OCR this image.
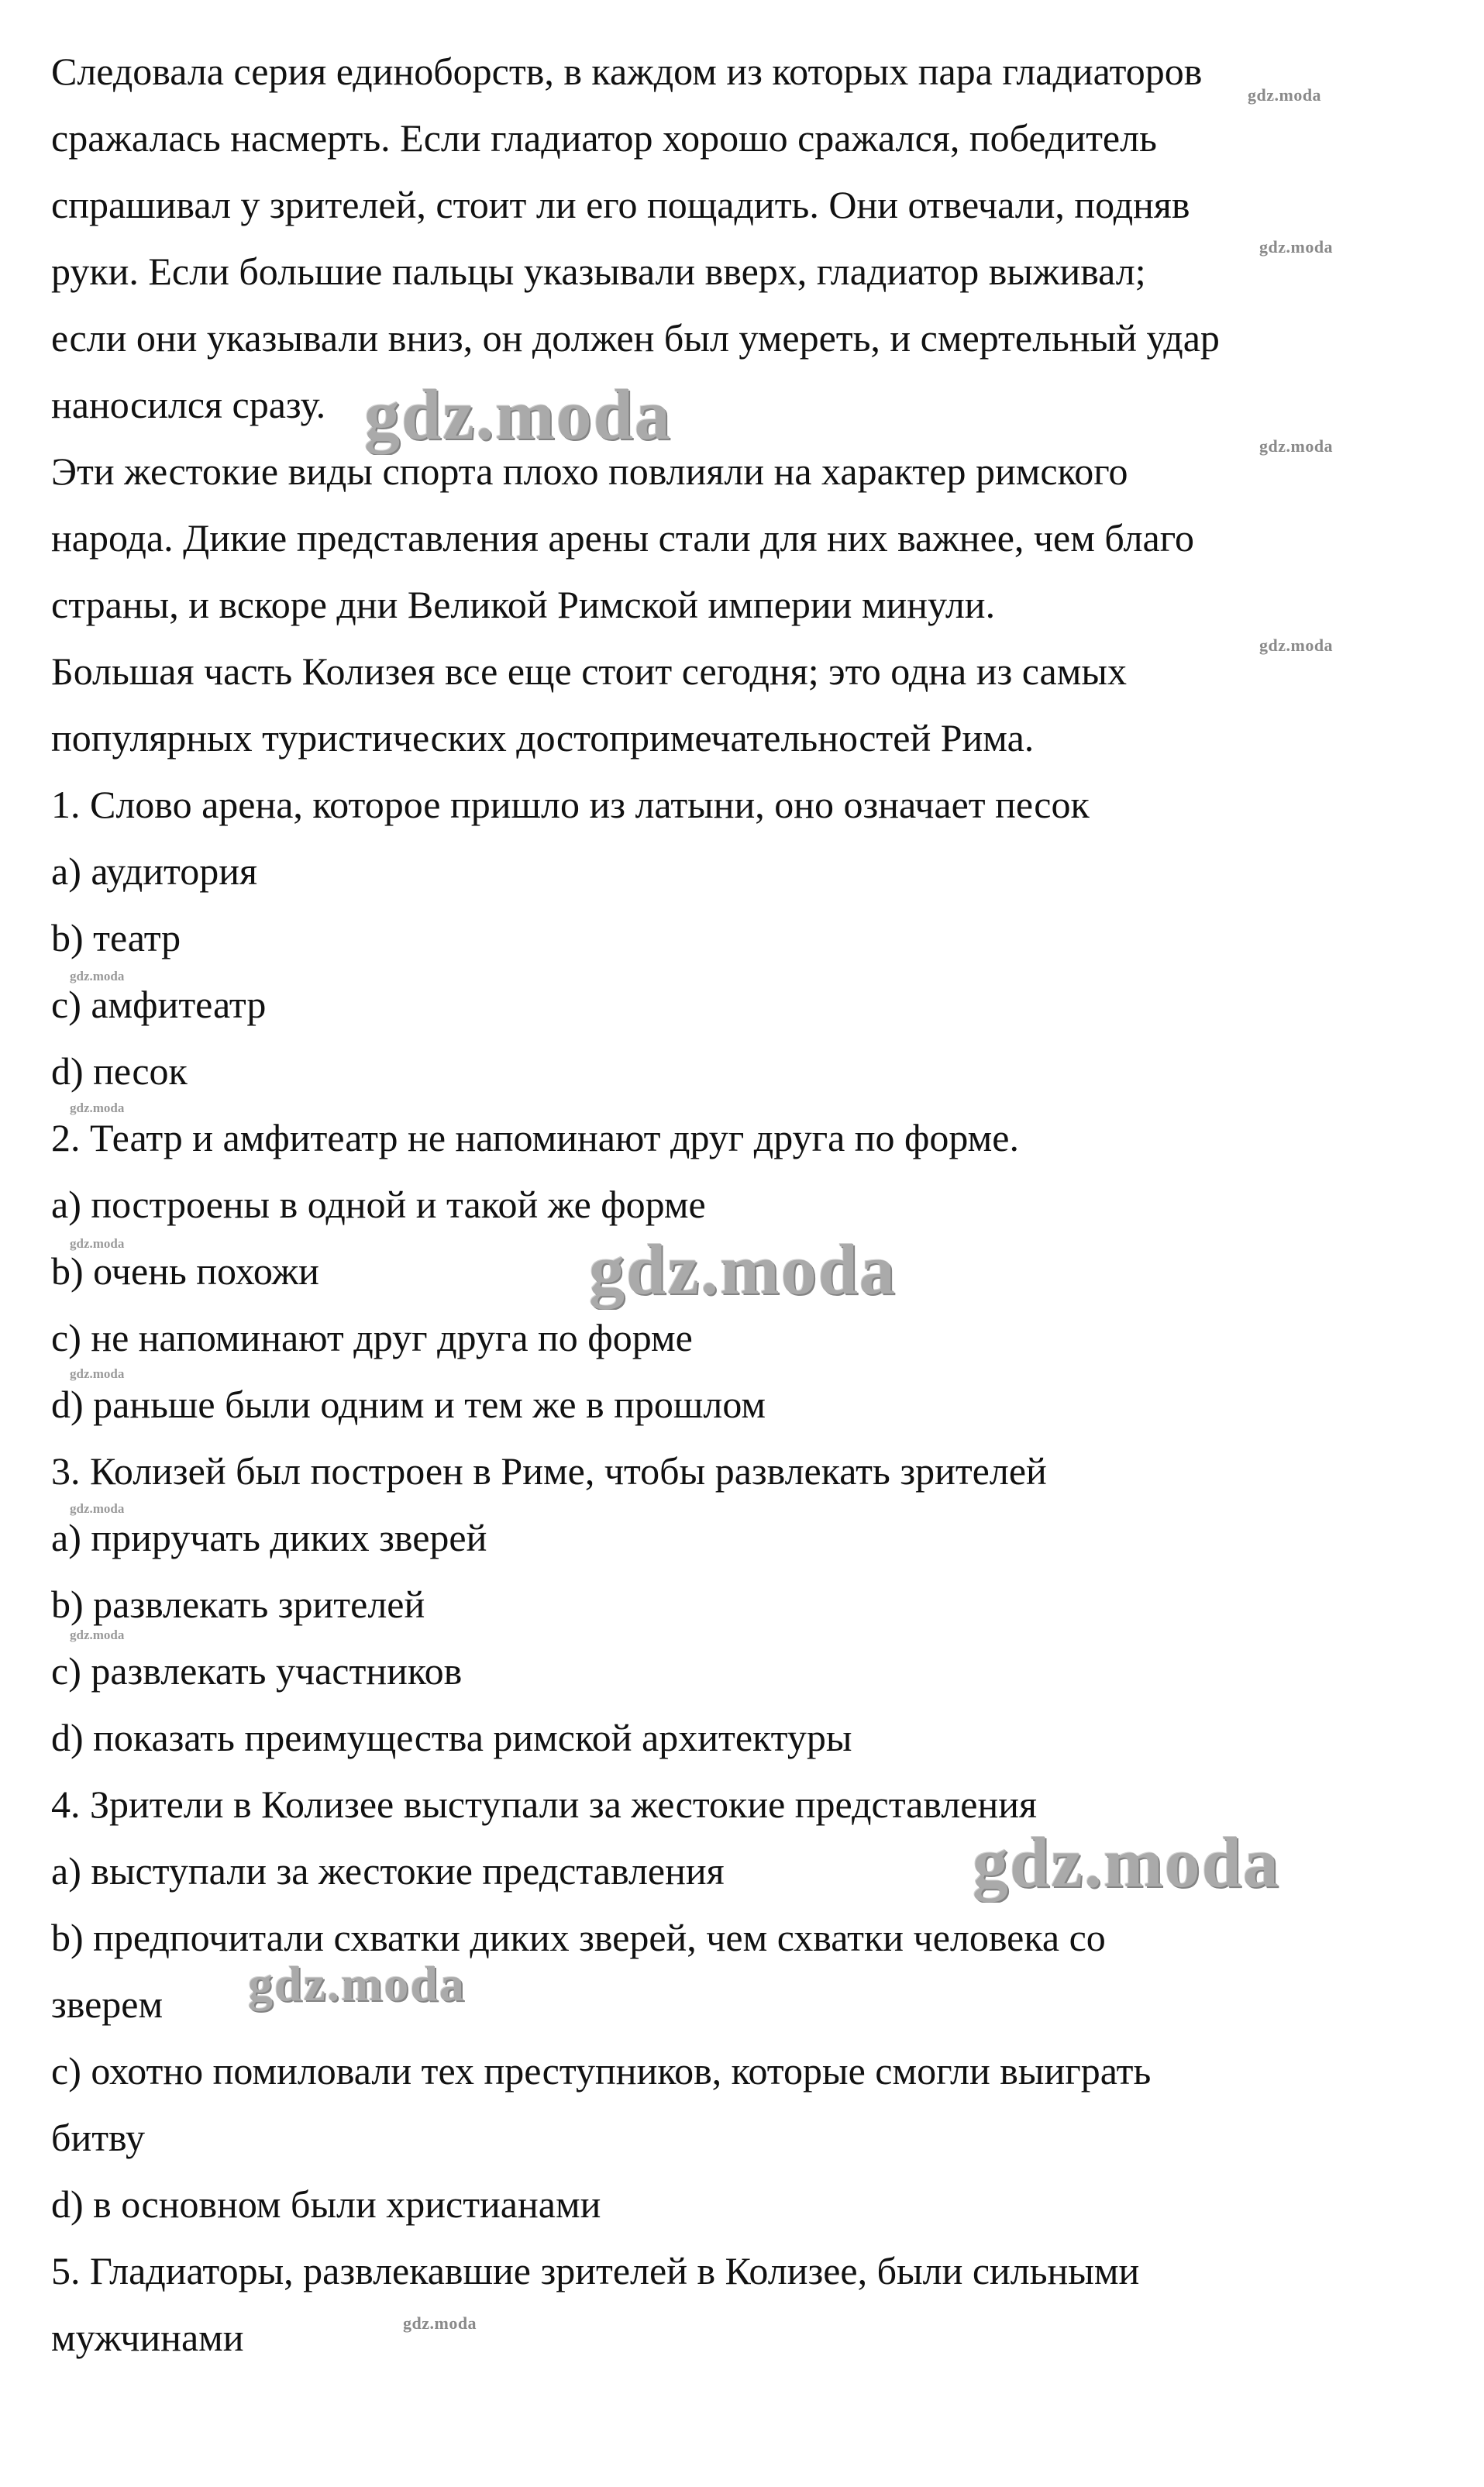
Следовала серия единоборств, в каждом из которых пара гладиаторов
сражалась насмерть. Если гладиатор хорошо сражался, победитель
спрашивал у зрителей, стоит ли его пощадить. Они отвечали, подняв
руки. Если большие пальцы указывали вверх, гладиатор выживал;
если они указывали вниз, он должен был умереть, и смертельный удар
наносился сразу.
Эти жестокие виды спорта плохо повлияли на характер римского
народа. Дикие представления арены стали для них важнее, чем благо
страны, и вскоре дни Великой Римской империи минули.
Большая часть Колизея все еще стоит сегодня; это одна из самых
популярных туристических достопримечательностей Рима.
1. Слово арена, которое пришло из латыни, оно означает песок
a) аудитория
b) театр
c) амфитеатр
d) песок
2. Театр и амфитеатр не напоминают друг друга по форме.
a) построены в одной и такой же форме
b) очень похожи
c) не напоминают друг друга по форме
d) раньше были одним и тем же в прошлом
3. Колизей был построен в Риме, чтобы развлекать зрителей
a) приручать диких зверей
b) развлекать зрителей
c) развлекать участников
d) показать преимущества римской архитектуры
4. Зрители в Колизее выступали за жестокие представления
a) выступали за жестокие представления
b) предпочитали схватки диких зверей, чем схватки человека со
зверем
c) охотно помиловали тех преступников, которые смогли выиграть
битву
d) в основном были христианами
5. Гладиаторы, развлекавшие зрителей в Колизее, были сильными
мужчинами
gdz.moda
gdz.moda
gdz.moda
gdz.moda
gdz.moda
gdz.moda
gdz.moda
gdz.moda
gdz.moda
gdz.moda
gdz.moda
gdz.moda
gdz.moda
gdz.moda
gdz.moda
